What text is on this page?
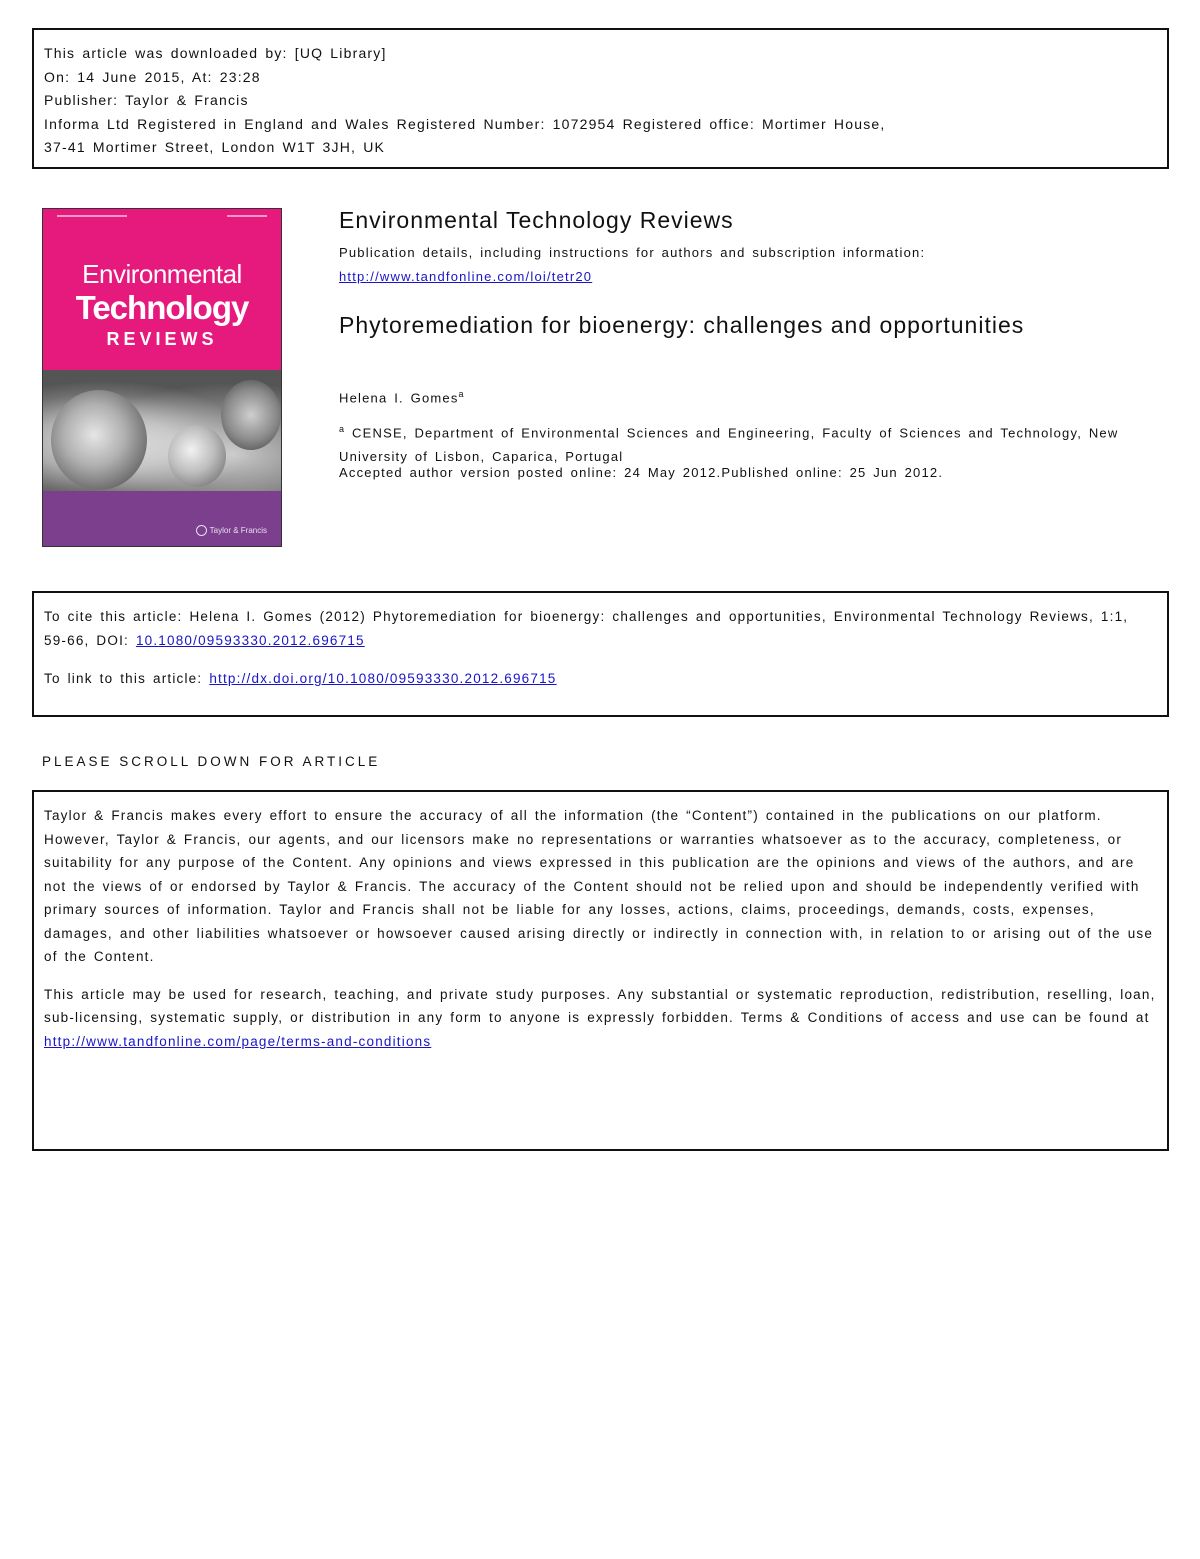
This article was downloaded by: [UQ Library]

On: 14 June 2015, At: 23:28

Publisher: Taylor & Francis

Informa Ltd Registered in England and Wales Registered Number: 1072954 Registered office: Mortimer House,

37-41 Mortimer Street, London W1T 3JH, UK

Environmental
Technology
REVIEWS
Taylor & Francis
Environmental Technology Reviews
Publication details, including instructions for authors and subscription information:
http://www.tandfonline.com/loi/tetr20
Phytoremediation for bioenergy: challenges and opportunities
Helena I. Gomes$^a$
$^a$ CENSE, Department of Environmental Sciences and Engineering, Faculty of Sciences and Technology, New University of Lisbon, Caparica, Portugal
Accepted author version posted online: 24 May 2012.Published online: 25 Jun 2012.

To cite this article: Helena I. Gomes (2012) Phytoremediation for bioenergy: challenges and opportunities, Environmental Technology Reviews, 1:1, 59-66, DOI: 10.1080/09593330.2012.696715

To link to this article: http://dx.doi.org/10.1080/09593330.2012.696715

PLEASE SCROLL DOWN FOR ARTICLE

Taylor & Francis makes every effort to ensure the accuracy of all the information (the “Content”) contained in the publications on our platform. However, Taylor & Francis, our agents, and our licensors make no representations or warranties whatsoever as to the accuracy, completeness, or suitability for any purpose of the Content. Any opinions and views expressed in this publication are the opinions and views of the authors, and are not the views of or endorsed by Taylor & Francis. The accuracy of the Content should not be relied upon and should be independently verified with primary sources of information. Taylor and Francis shall not be liable for any losses, actions, claims, proceedings, demands, costs, expenses, damages, and other liabilities whatsoever or howsoever caused arising directly or indirectly in connection with, in relation to or arising out of the use of the Content.

This article may be used for research, teaching, and private study purposes. Any substantial or systematic reproduction, redistribution, reselling, loan, sub-licensing, systematic supply, or distribution in any form to anyone is expressly forbidden. Terms & Conditions of access and use can be found at http://www.tandfonline.com/page/terms-and-conditions
